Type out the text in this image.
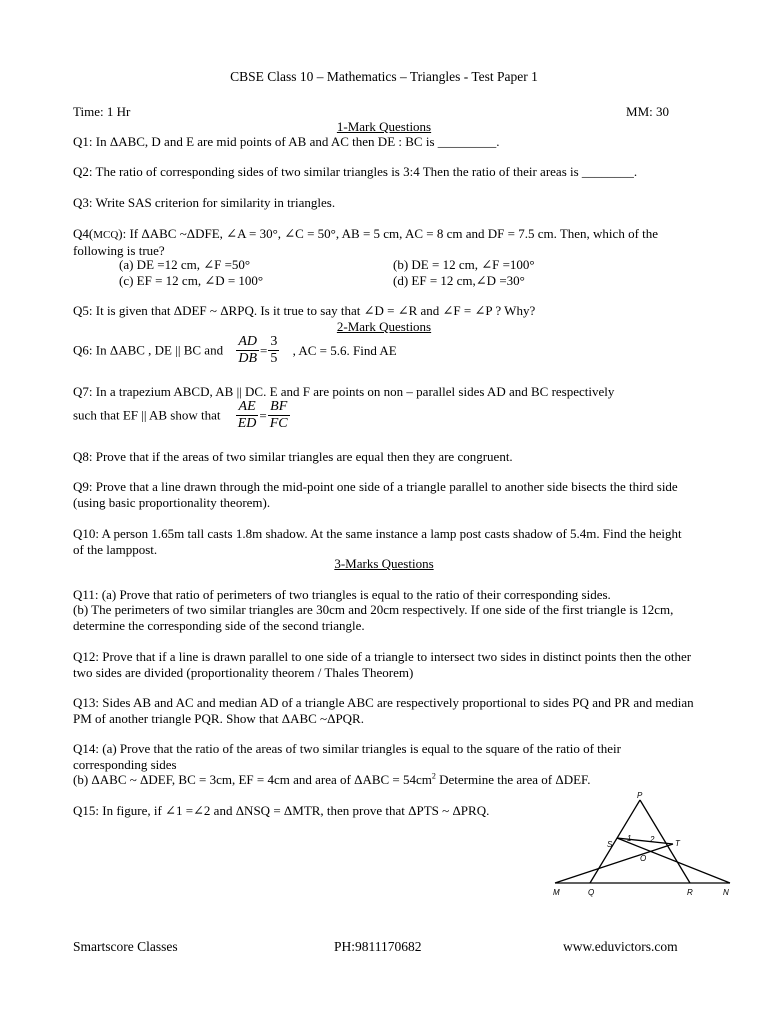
CBSE Class 10 – Mathematics – Triangles - Test Paper 1
Time: 1 Hr	MM: 30
1-Mark Questions
Q1: In ΔABC, D and E are mid points of AB and AC then DE : BC is _________.
Q2: The ratio of corresponding sides of two similar triangles is 3:4 Then the ratio of their areas is ________.
Q3: Write SAS criterion for similarity in triangles.
Q4(MCQ): If ΔABC ~ΔDFE, ∠A = 30°, ∠C = 50°, AB = 5 cm, AC = 8 cm and DF = 7.5 cm. Then, which of the following is true?
(a) DE =12 cm, ∠F =50°	(b) DE = 12 cm, ∠F =100°
(c) EF = 12 cm, ∠D = 100°	(d) EF = 12 cm,∠D =30°
Q5: It is given that ΔDEF ~ ΔRPQ. Is it true to say that ∠D = ∠R and ∠F = ∠P ? Why?
2-Mark Questions
Q6: In ΔABC , DE || BC and $\frac{AD}{DB} = \frac{3}{5}$ , AC = 5.6. Find AE
Q7: In a trapezium ABCD, AB || DC. E and F are points on non – parallel sides AD and BC respectively
such that EF || AB show that $\frac{AE}{ED} = \frac{BF}{FC}$
Q8: Prove that if the areas of two similar triangles are equal then they are congruent.
Q9: Prove that a line drawn through the mid-point one side of a triangle parallel to another side bisects the third side (using basic proportionality theorem).
Q10: A person 1.65m tall casts 1.8m shadow. At the same instance a lamp post casts shadow of 5.4m. Find the height of the lamppost.
3-Marks Questions
Q11: (a) Prove that ratio of perimeters of two triangles is equal to the ratio of their corresponding sides.
(b) The perimeters of two similar triangles are 30cm and 20cm respectively. If one side of the first triangle is 12cm, determine the corresponding side of the second triangle.
Q12: Prove that if a line is drawn parallel to one side of a triangle to intersect two sides in distinct points then the other two sides are divided (proportionality theorem / Thales Theorem)
Q13: Sides AB and AC and median AD of a triangle ABC are respectively proportional to sides PQ and PR and median PM of another triangle PQR. Show that ΔABC ~ΔPQR.
Q14: (a) Prove that the ratio of the areas of two similar triangles is equal to the square of the ratio of their corresponding sides
(b) ΔABC ~ ΔDEF, BC = 3cm, EF = 4cm and area of $\Delta ABC = 54cm^2$ Determine the area of ΔDEF.
Q15: In figure, if ∠1 =∠2 and ΔNSQ = ΔMTR, then prove that ΔPTS ~ ΔPRQ.
P
S	T
O
M	Q	R	N
1 2
Smartscore Classes	PH:9811170682	www.eduvictors.com
